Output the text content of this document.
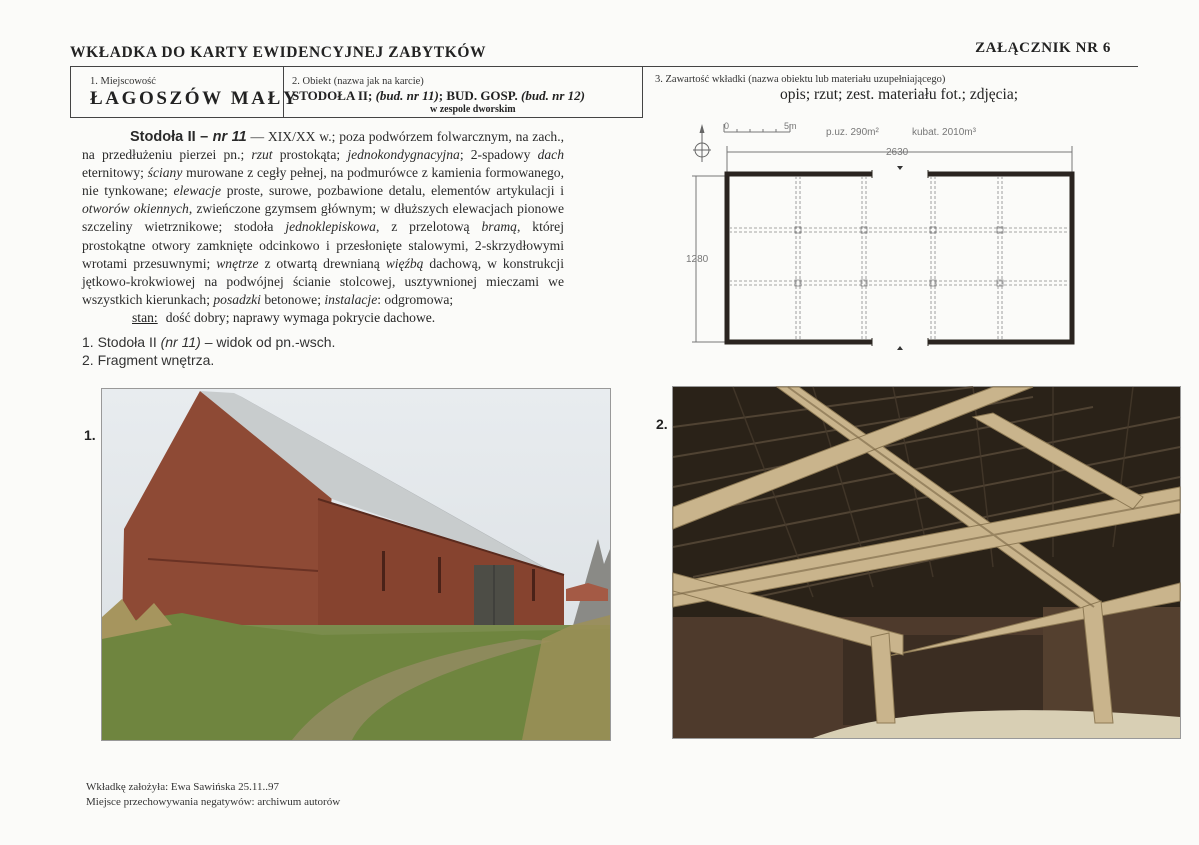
WKŁADKA DO KARTY EWIDENCYJNEJ ZABYTKÓW	ZAŁĄCZNIK NR 6
1. Miejscowość
ŁAGOSZÓW MAŁY
2. Obiekt (nazwa jak na karcie)
STODOŁA II; (bud. nr 11); BUD. GOSP. (bud. nr 12)
w zespole dworskim
3. Zawartość wkładki (nazwa obiektu lub materiału uzupełniającego)
opis; rzut; zest. materiału fot.; zdjęcia;
Stodoła II – nr 11 — XIX/XX w.; poza podwórzem folwarcznym, na zach., na przedłużeniu pierzei pn.; rzut prostokąta; jednokondygnacyjna; 2-spadowy dach eternitowy; ściany murowane z cegły pełnej, na podmurówce z kamienia formowanego, nie tynkowane; elewacje proste, surowe, pozbawione detalu, elementów artykulacji i otworów okiennych, zwieńczone gzymsem głównym; w dłuższych elewacjach pionowe szczeliny wietrznikowe; stodoła jednoklepiskowa, z przelotową bramą, której prostokątne otwory zamknięte odcinkowo i przesłonięte stalowymi, 2-skrzydłowymi wrotami przesuwnymi; wnętrze z otwartą drewnianą więźbą dachową, w konstrukcji jętkowo-krokwiowej na podwójnej ścianie stolcowej, usztywnionej mieczami we wszystkich kierunkach; posadzki betonowe; instalacje: odgromowa;
stan: dość dobry; naprawy wymaga pokrycie dachowe.
1. Stodoła II (nr 11) – widok od pn.-wsch.
2. Fragment wnętrza.
0	5m
p.uz. 290m²	kubat. 2010m³
2630
1280
1.
2.
Wkładkę założyła: Ewa Sawińska 25.11..97
Miejsce przechowywania negatywów: archiwum autorów
